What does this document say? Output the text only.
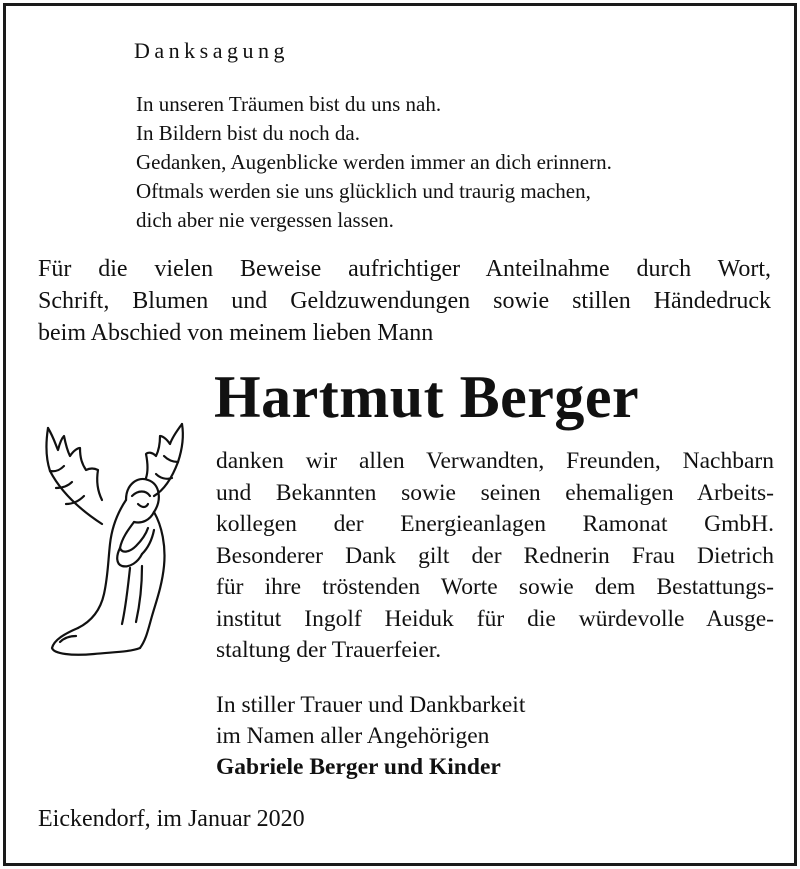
Danksagung
In unseren Träumen bist du uns nah.
In Bildern bist du noch da.
Gedanken, Augenblicke werden immer an dich erinnern.
Oftmals werden sie uns glücklich und traurig machen,
dich aber nie vergessen lassen.
Für die vielen Beweise aufrichtiger Anteilnahme durch Wort,
Schrift, Blumen und Geldzuwendungen sowie stillen Händedruck
beim Abschied von meinem lieben Mann
Hartmut Berger
danken wir allen Verwandten, Freunden, Nachbarn
und Bekannten sowie seinen ehemaligen Arbeits-
kollegen der Energieanlagen Ramonat GmbH.
Besonderer Dank gilt der Rednerin Frau Dietrich
für ihre tröstenden Worte sowie dem Bestattungs-
institut Ingolf Heiduk für die würdevolle Ausge-
staltung der Trauerfeier.
In stiller Trauer und Dankbarkeit
im Namen aller Angehörigen
Gabriele Berger und Kinder
Eickendorf, im Januar 2020
